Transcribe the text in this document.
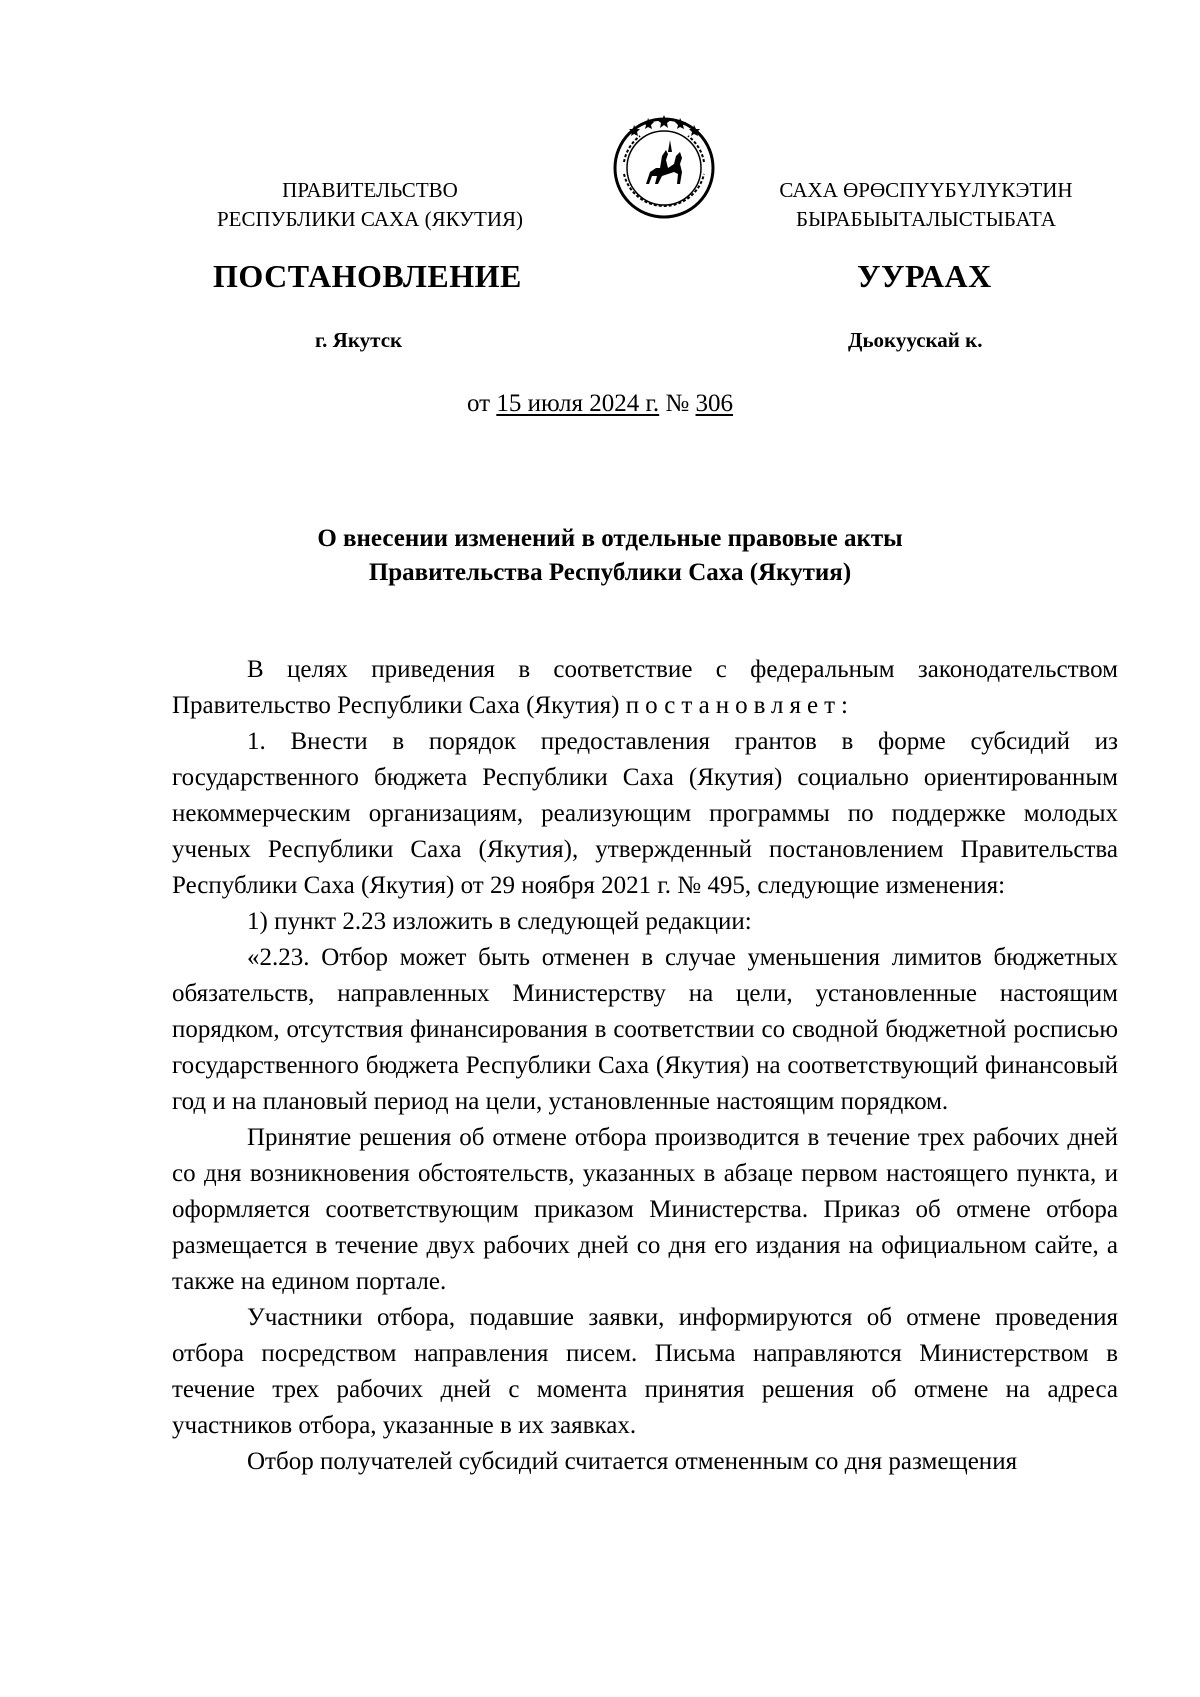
ПРАВИТЕЛЬСТВО
РЕСПУБЛИКИ САХА (ЯКУТИЯ)
САХА ӨРӨСПҮҮБҮЛҮКЭТИН
БЫРАБЫЫТАЛЫСТЫБАТА
ПОСТАНОВЛЕНИЕ	УУРААХ
г. Якутск	Дьокуускай к.
от 15 июля 2024 г. № 306
О внесении изменений в отдельные правовые акты
Правительства Республики Саха (Якутия)

В целях приведения в соответствие с федеральным законодательством Правительство Республики Саха (Якутия) постановляет:

1. Внести в порядок предоставления грантов в форме субсидий из государственного бюджета Республики Саха (Якутия) социально ориентированным некоммерческим организациям, реализующим программы по поддержке молодых ученых Республики Саха (Якутия), утвержденный постановлением Правительства Республики Саха (Якутия) от 29 ноября 2021 г. № 495, следующие изменения:

1) пункт 2.23 изложить в следующей редакции:

«2.23. Отбор может быть отменен в случае уменьшения лимитов бюджетных обязательств, направленных Министерству на цели, установленные настоящим порядком, отсутствия финансирования в соответствии со сводной бюджетной росписью государственного бюджета Республики Саха (Якутия) на соответствующий финансовый год и на плановый период на цели, установленные настоящим порядком.

Принятие решения об отмене отбора производится в течение трех рабочих дней со дня возникновения обстоятельств, указанных в абзаце первом настоящего пункта, и оформляется соответствующим приказом Министерства. Приказ об отмене отбора размещается в течение двух рабочих дней со дня его издания на официальном сайте, а также на едином портале.

Участники отбора, подавшие заявки, информируются об отмене проведения отбора посредством направления писем. Письма направляются Министерством в течение трех рабочих дней с момента принятия решения об отмене на адреса участников отбора, указанные в их заявках.

Отбор получателей субсидий считается отмененным со дня размещения
